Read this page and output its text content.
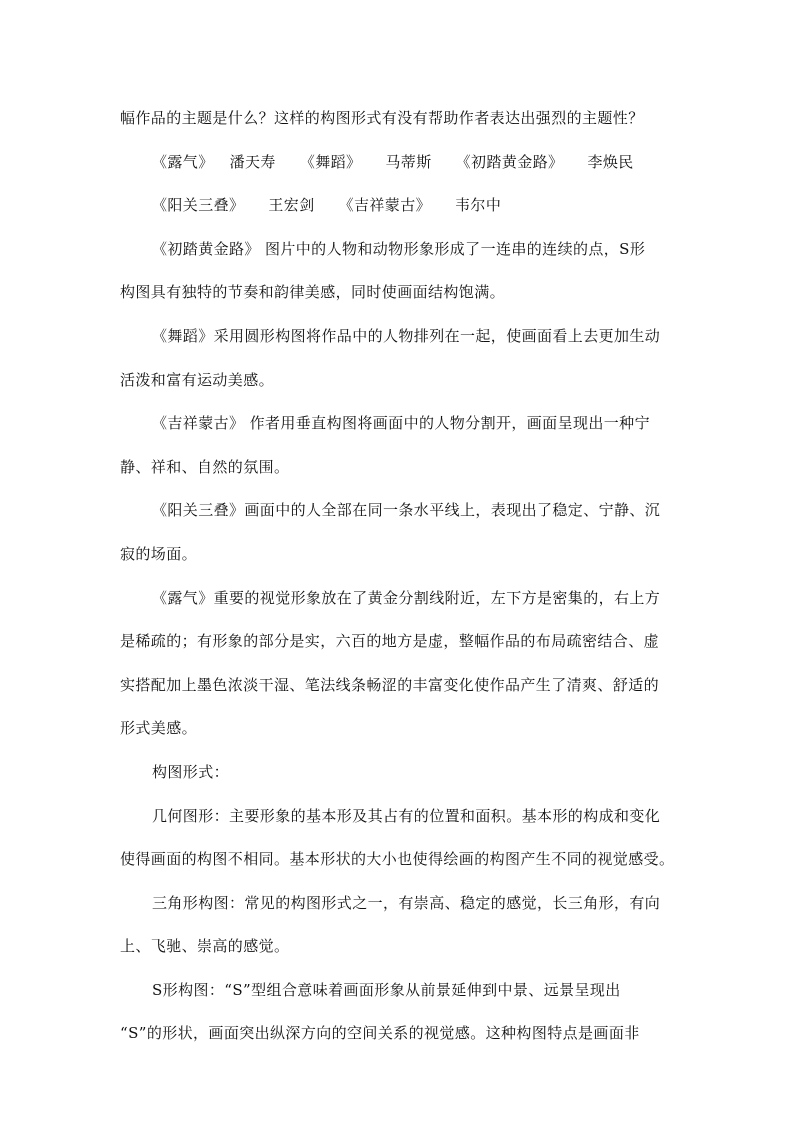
幅作品的主题是什么？这样的构图形式有没有帮助作者表达出强烈的主题性？
《露气》 潘天寿 《舞蹈》 马蒂斯 《初踏黄金路》 李焕民
《阳关三叠》 王宏剑 《吉祥蒙古》 韦尔中
《初踏黄金路》 图片中的人物和动物形象形成了一连串的连续的点，S形
构图具有独特的节奏和韵律美感，同时使画面结构饱满。
《舞蹈》采用圆形构图将作品中的人物排列在一起，使画面看上去更加生动
活泼和富有运动美感。
《吉祥蒙古》 作者用垂直构图将画面中的人物分割开，画面呈现出一种宁
静、祥和、自然的氛围。
《阳关三叠》画面中的人全部在同一条水平线上，表现出了稳定、宁静、沉
寂的场面。
《露气》重要的视觉形象放在了黄金分割线附近，左下方是密集的，右上方
是稀疏的；有形象的部分是实，六百的地方是虚，整幅作品的布局疏密结合、虚
实搭配加上墨色浓淡干湿、笔法线条畅涩的丰富变化使作品产生了清爽、舒适的
形式美感。
构图形式：
几何图形：主要形象的基本形及其占有的位置和面积。基本形的构成和变化
使得画面的构图不相同。基本形状的大小也使得绘画的构图产生不同的视觉感受。
三角形构图：常见的构图形式之一，有崇高、稳定的感觉，长三角形，有向
上、飞驰、崇高的感觉。
S形构图：“S”型组合意味着画面形象从前景延伸到中景、远景呈现出
“S”的形状，画面突出纵深方向的空间关系的视觉感。这种构图特点是画面非
